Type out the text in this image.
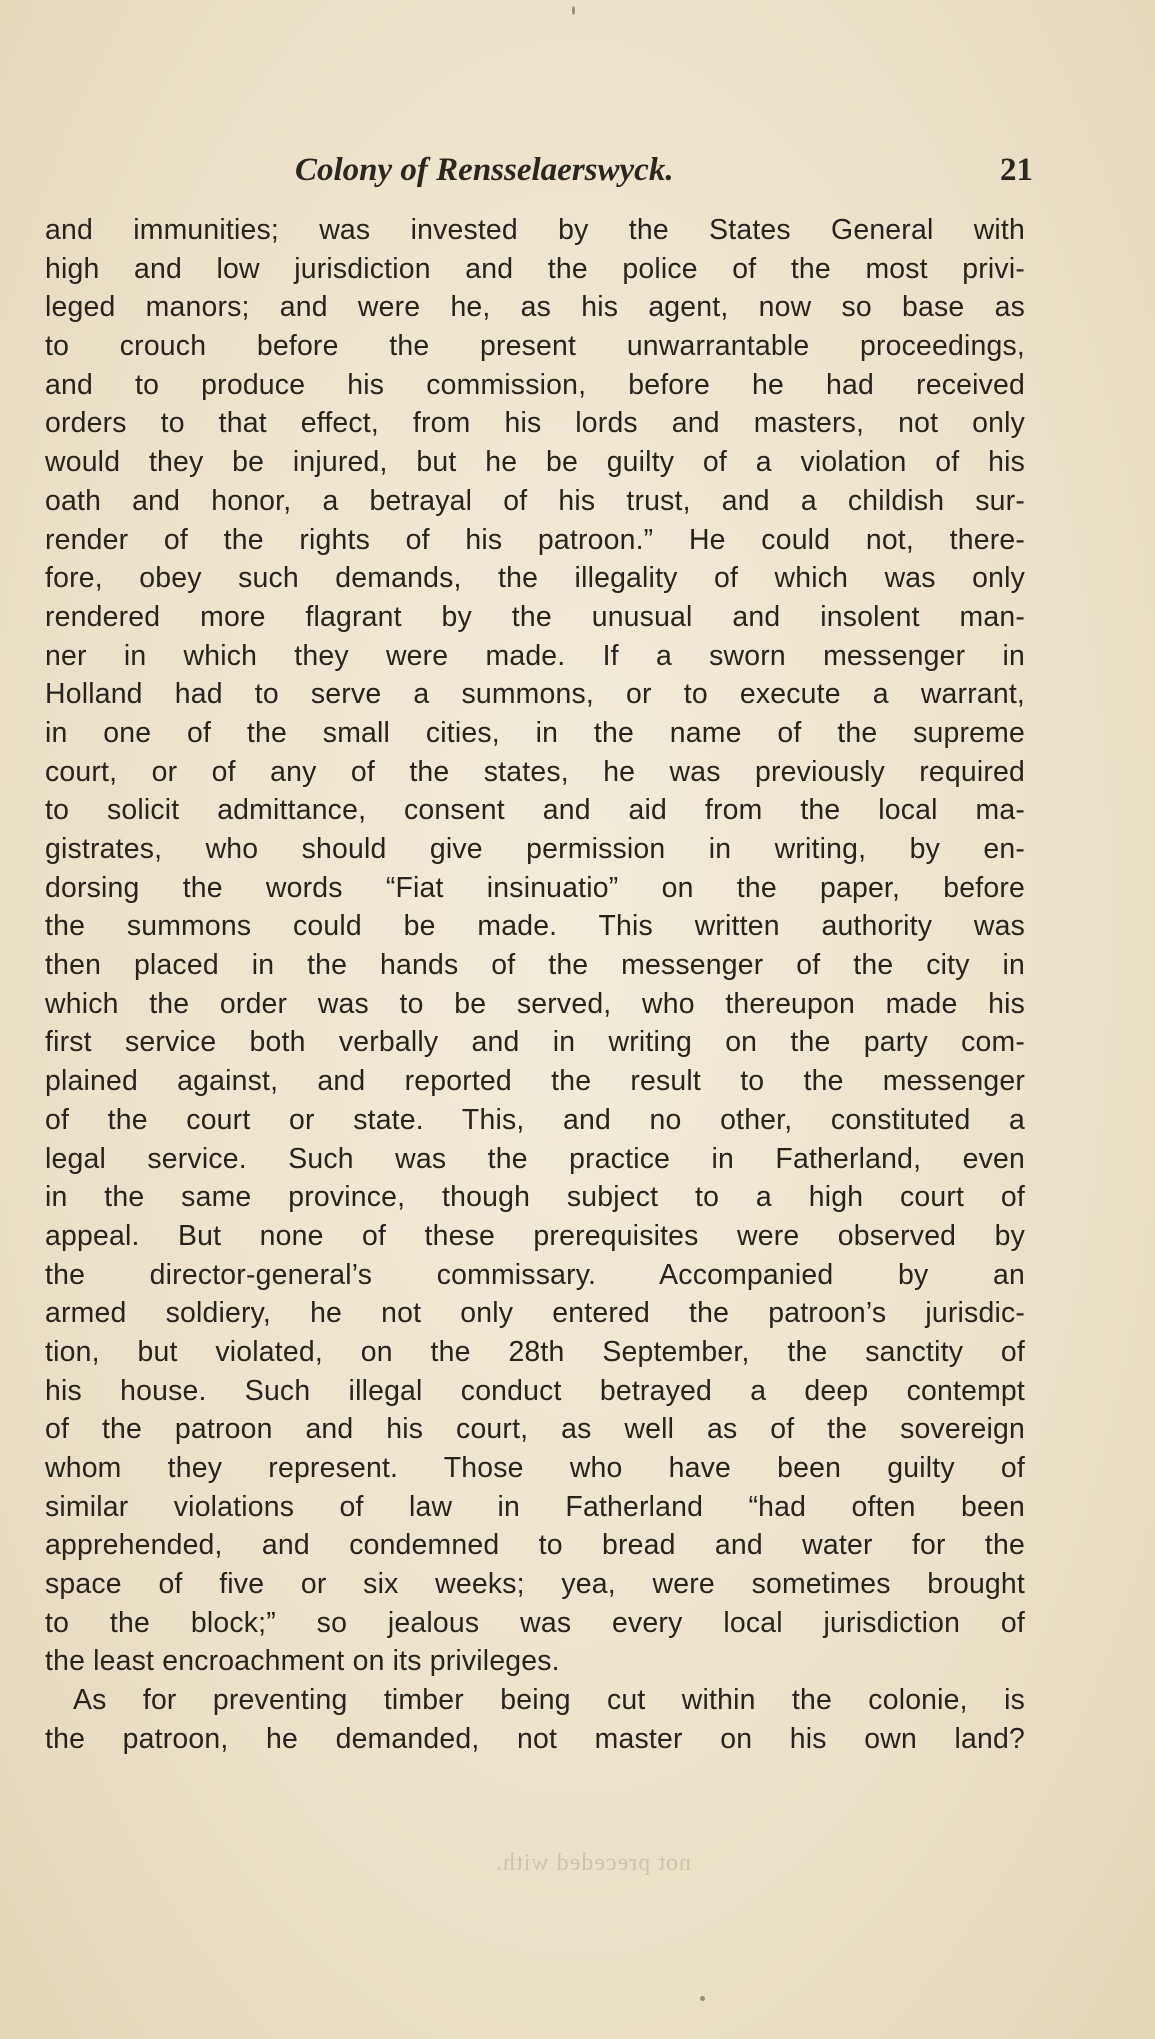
Colony of Rensselaerswyck.	21
and immunities; was invested by the States General with
high and low jurisdiction and the police of the most privi-
leged manors; and were he, as his agent, now so base as
to crouch before the present unwarrantable proceedings,
and to produce his commission, before he had received
orders to that effect, from his lords and masters, not only
would they be injured, but he be guilty of a violation of his
oath and honor, a betrayal of his trust, and a childish sur-
render of the rights of his patroon.” He could not, there-
fore, obey such demands, the illegality of which was only
rendered more flagrant by the unusual and insolent man-
ner in which they were made. If a sworn messenger in
Holland had to serve a summons, or to execute a warrant,
in one of the small cities, in the name of the supreme
court, or of any of the states, he was previously required
to solicit admittance, consent and aid from the local ma-
gistrates, who should give permission in writing, by en-
dorsing the words “Fiat insinuatio” on the paper, before
the summons could be made. This written authority was
then placed in the hands of the messenger of the city in
which the order was to be served, who thereupon made his
first service both verbally and in writing on the party com-
plained against, and reported the result to the messenger
of the court or state. This, and no other, constituted a
legal service. Such was the practice in Fatherland, even
in the same province, though subject to a high court of
appeal. But none of these prerequisites were observed by
the director-general’s commissary. Accompanied by an
armed soldiery, he not only entered the patroon’s jurisdic-
tion, but violated, on the 28th September, the sanctity of
his house. Such illegal conduct betrayed a deep contempt
of the patroon and his court, as well as of the sovereign
whom they represent. Those who have been guilty of
similar violations of law in Fatherland “had often been
apprehended, and condemned to bread and water for the
space of five or six weeks; yea, were sometimes brought
to the block;” so jealous was every local jurisdiction of
the least encroachment on its privileges.
As for preventing timber being cut within the colonie, is
the patroon, he demanded, not master on his own land?
not preceded with.
